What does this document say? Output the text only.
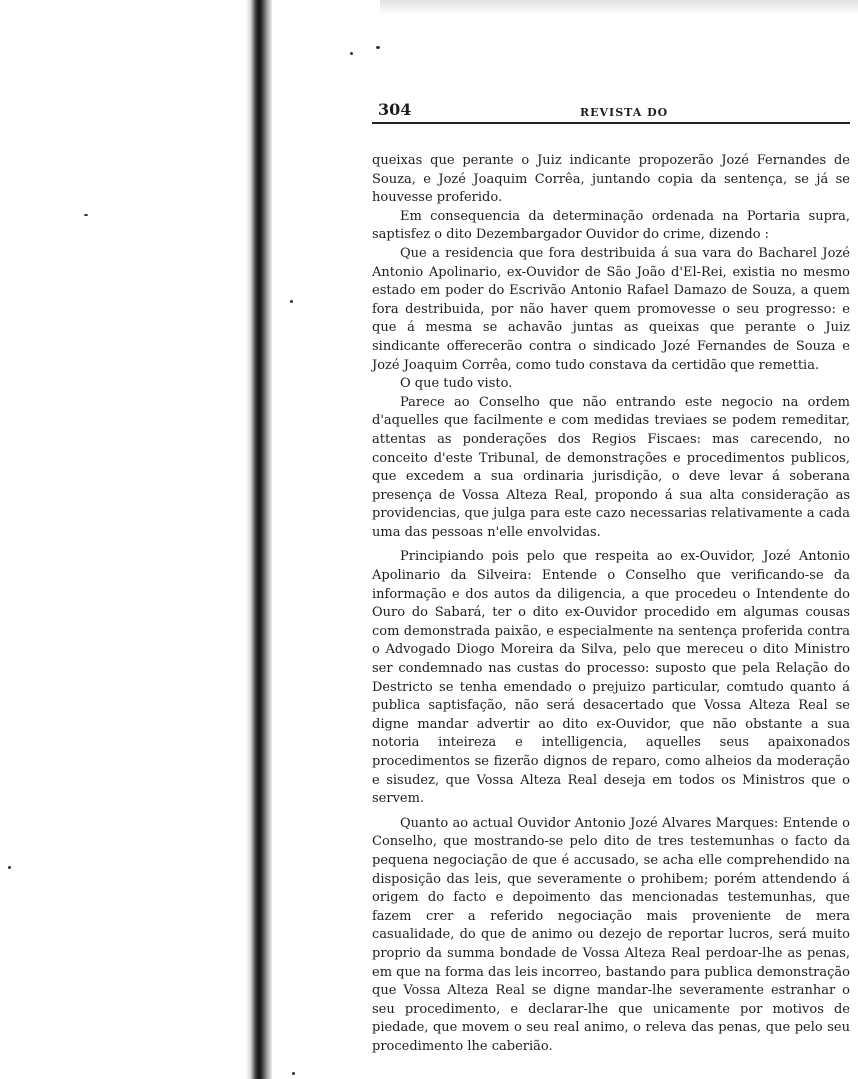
304	REVISTA DO

queixas que perante o Juiz indicante propozerão Jozé Fernandes de Souza, e Jozé Joaquim Corrêa, juntando copia da sentença, se já se houvesse proferido.

Em consequencia da determinação ordenada na Portaria supra, saptisfez o dito Dezembargador Ouvidor do crime, dizendo :

Que a residencia que fora destribuida á sua vara do Bacharel Jozé Antonio Apolinario, ex-Ouvidor de São João d'El-Rei, existia no mesmo estado em poder do Escrivão Antonio Rafael Damazo de Souza, a quem fora destribuida, por não haver quem promovesse o seu progresso: e que á mesma se achavão juntas as queixas que perante o Juiz sindicante offerecerão contra o sindicado Jozé Fernandes de Souza e Jozé Joaquim Corrêa, como tudo constava da certidão que remettia.

O que tudo visto.

Parece ao Conselho que não entrando este negocio na ordem d'aquelles que facilmente e com medidas treviaes se podem remeditar, attentas as ponderações dos Regios Fiscaes: mas carecendo, no conceito d'este Tribunal, de demonstrações e procedimentos publicos, que excedem a sua ordinaria jurisdição, o deve levar á soberana presença de Vossa Alteza Real, propondo á sua alta consideração as providencias, que julga para este cazo necessarias relativamente a cada uma das pessoas n'elle envolvidas.

Principiando pois pelo que respeita ao ex-Ouvidor, Jozé Antonio Apolinario da Silveira: Entende o Conselho que verificando-se da informação e dos autos da diligencia, a que procedeu o Intendente do Ouro do Sabará, ter o dito ex-Ouvidor procedido em algumas cousas com demonstrada paixão, e especialmente na sentença proferida contra o Advogado Diogo Moreira da Silva, pelo que mereceu o dito Ministro ser condemnado nas custas do processo: suposto que pela Relação do Destricto se tenha emendado o prejuizo particular, comtudo quanto á publica saptisfação, não será desacertado que Vossa Alteza Real se digne mandar advertir ao dito ex-Ouvidor, que não obstante a sua notoria inteireza e intelligencia, aquelles seus apaixonados procedimentos se fizerão dignos de reparo, como alheios da moderação e sisudez, que Vossa Alteza Real deseja em todos os Ministros que o servem.

Quanto ao actual Ouvidor Antonio Jozé Alvares Marques: Entende o Conselho, que mostrando-se pelo dito de tres testemunhas o facto da pequena negociação de que é accusado, se acha elle comprehendido na disposição das leis, que severamente o prohibem; porém attendendo á origem do facto e depoimento das mencionadas testemunhas, que fazem crer a referido negociação mais proveniente de mera casualidade, do que de animo ou dezejo de reportar lucros, será muito proprio da summa bondade de Vossa Alteza Real perdoar-lhe as penas, em que na forma das leis incorreo, bastando para publica demonstração que Vossa Alteza Real se digne mandar-lhe severamente estranhar o seu procedimento, e declarar-lhe que unicamente por motivos de piedade, que movem o seu real animo, o releva das penas, que pelo seu procedimento lhe caberião.
